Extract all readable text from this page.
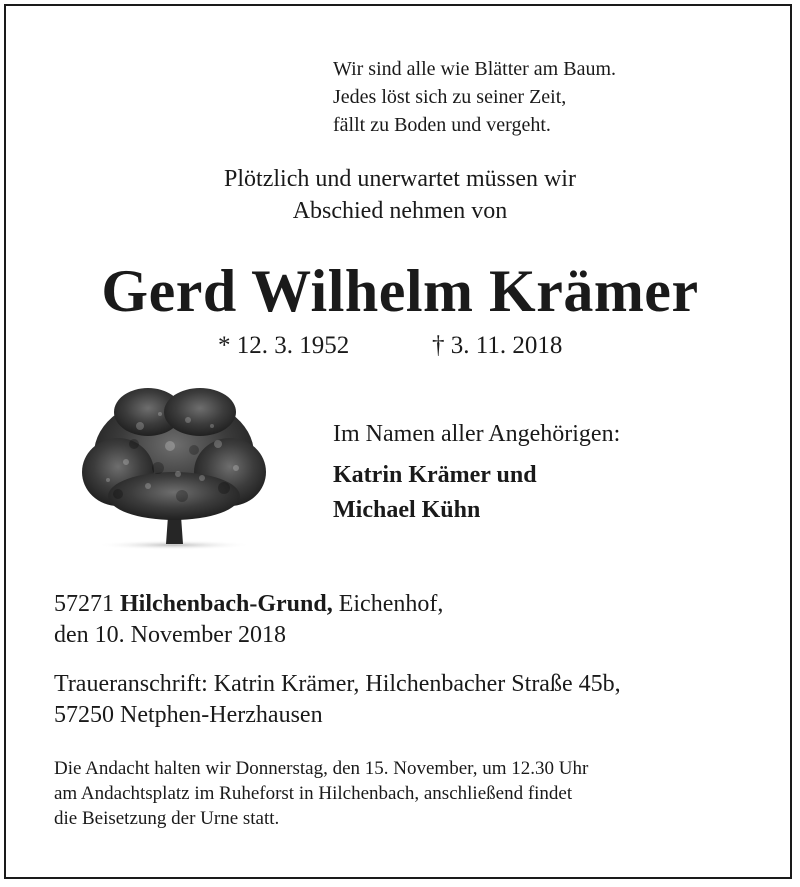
Wir sind alle wie Blätter am Baum.
Jedes löst sich zu seiner Zeit,
fällt zu Boden und vergeht.
Plötzlich und unerwartet müssen wir
Abschied nehmen von
Gerd Wilhelm Krämer
* 12. 3. 1952	† 3. 11. 2018
Im Namen aller Angehörigen:
Katrin Krämer und
Michael Kühn
57271 Hilchenbach-Grund, Eichenhof,
den 10. November 2018
Traueranschrift: Katrin Krämer, Hilchenbacher Straße 45b,
57250 Netphen-Herzhausen
Die Andacht halten wir Donnerstag, den 15. November, um 12.30 Uhr
am Andachtsplatz im Ruheforst in Hilchenbach, anschließend findet
die Beisetzung der Urne statt.
